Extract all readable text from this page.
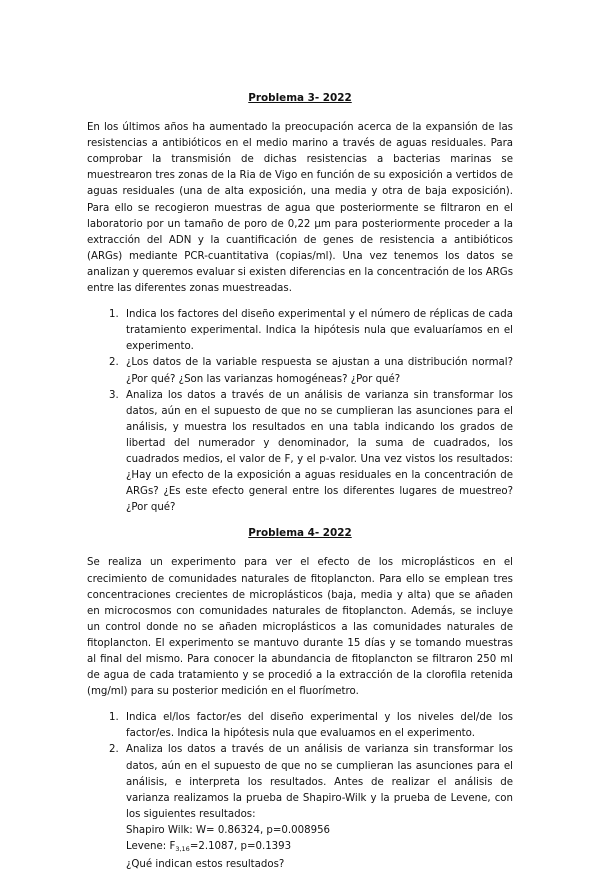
Problema 3- 2022

En los últimos años ha aumentado la preocupación acerca de la expansión de las resistencias a antibióticos en el medio marino a través de aguas residuales. Para comprobar la transmisión de dichas resistencias a bacterias marinas se muestrearon tres zonas de la Ria de Vigo en función de su exposición a vertidos de aguas residuales (una de alta exposición, una media y otra de baja exposición). Para ello se recogieron muestras de agua que posteriormente se filtraron en el laboratorio por un tamaño de poro de 0,22 µm para posteriormente proceder a la extracción del ADN y la cuantificación de genes de resistencia a antibióticos (ARGs) mediante PCR-cuantitativa (copias/ml). Una vez tenemos los datos se analizan y queremos evaluar si existen diferencias en la concentración de los ARGs entre las diferentes zonas muestreadas.

1. Indica los factores del diseño experimental y el número de réplicas de cada tratamiento experimental. Indica la hipótesis nula que evaluaríamos en el experimento.
2. ¿Los datos de la variable respuesta se ajustan a una distribución normal? ¿Por qué? ¿Son las varianzas homogéneas? ¿Por qué?
3. Analiza los datos a través de un análisis de varianza sin transformar los datos, aún en el supuesto de que no se cumplieran las asunciones para el análisis, y muestra los resultados en una tabla indicando los grados de libertad del numerador y denominador, la suma de cuadrados, los cuadrados medios, el valor de F, y el p-valor. Una vez vistos los resultados: ¿Hay un efecto de la exposición a aguas residuales en la concentración de ARGs? ¿Es este efecto general entre los diferentes lugares de muestreo? ¿Por qué?
Problema 4- 2022

Se realiza un experimento para ver el efecto de los microplásticos en el crecimiento de comunidades naturales de fitoplancton. Para ello se emplean tres concentraciones crecientes de microplásticos (baja, media y alta) que se añaden en microcosmos con comunidades naturales de fitoplancton. Además, se incluye un control donde no se añaden microplásticos a las comunidades naturales de fitoplancton. El experimento se mantuvo durante 15 días y se tomando muestras al final del mismo. Para conocer la abundancia de fitoplancton se filtraron 250 ml de agua de cada tratamiento y se procedió a la extracción de la clorofila retenida (mg/ml) para su posterior medición en el fluorímetro.

1. Indica el/los factor/es del diseño experimental y los niveles del/de los factor/es. Indica la hipótesis nula que evaluamos en el experimento.
2. Analiza los datos a través de un análisis de varianza sin transformar los datos, aún en el supuesto de que no se cumplieran las asunciones para el análisis, e interpreta los resultados. Antes de realizar el análisis de varianza realizamos la prueba de Shapiro-Wilk y la prueba de Levene, con los siguientes resultados:
Shapiro Wilk: W= 0.86324, p=0.008956
Levene: $F_{3,16}=2.1087$, p=0.1393
¿Qué indican estos resultados?
